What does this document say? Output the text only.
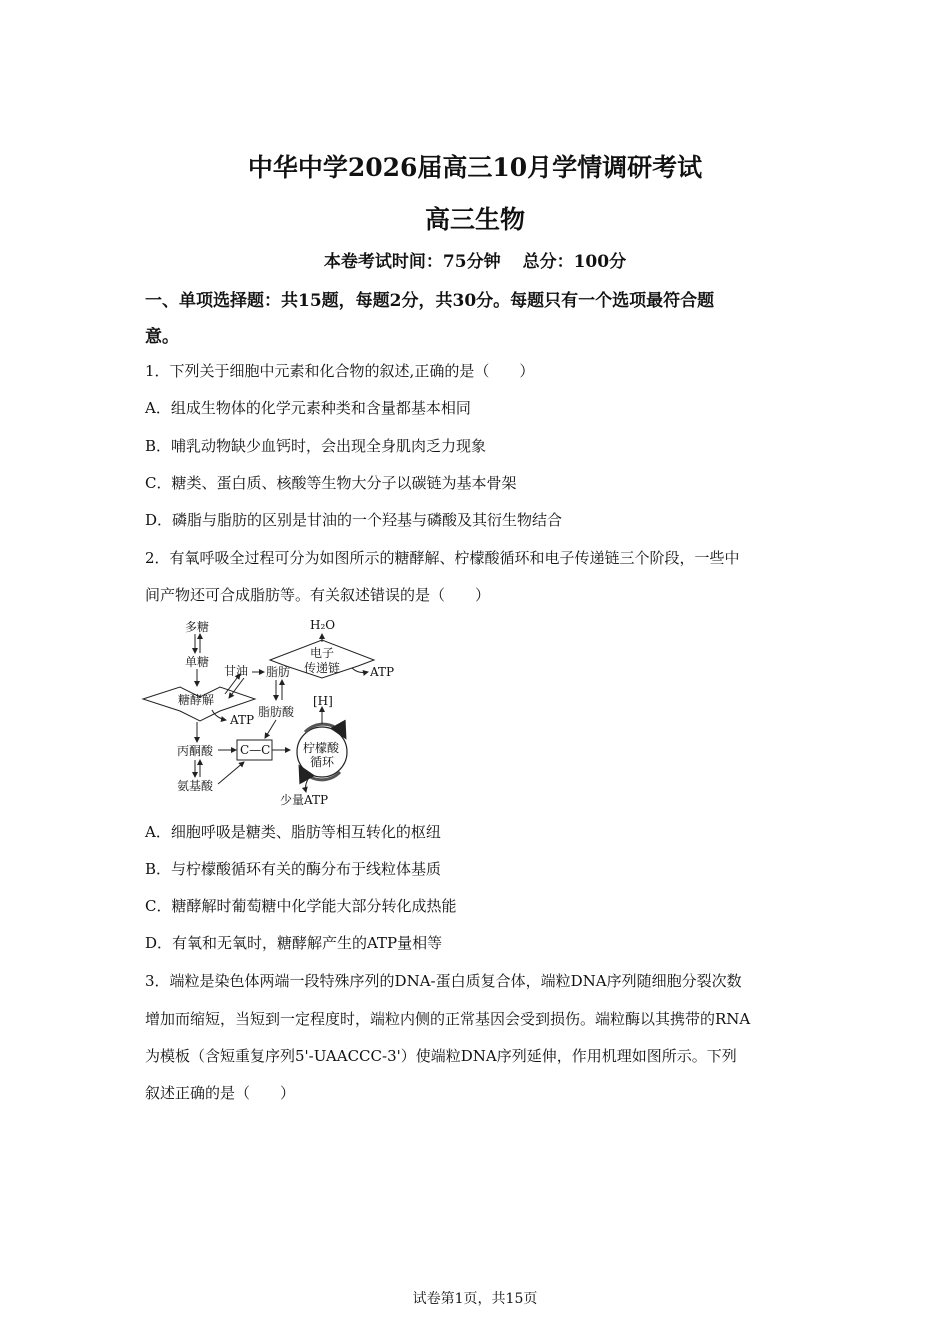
中华中学2026届高三10月学情调研考试
高三生物
本卷考试时间：75分钟 总分：100分
一、单项选择题：共15题，每题2分，共30分。每题只有一个选项最符合题
意。
1．下列关于细胞中元素和化合物的叙述,正确的是（　　）
A．组成生物体的化学元素种类和含量都基本相同
B．哺乳动物缺少血钙时，会出现全身肌肉乏力现象
C．糖类、蛋白质、核酸等生物大分子以碳链为基本骨架
D．磷脂与脂肪的区别是甘油的一个羟基与磷酸及其衍生物结合
2．有氧呼吸全过程可分为如图所示的糖酵解、柠檬酸循环和电子传递链三个阶段，一些中
间产物还可合成脂肪等。有关叙述错误的是（　　）
多糖
单糖
甘油 脂肪
糖酵解
ATP
脂肪酸
H₂O
电子
传递链 ATP
[H]
丙酮酸 C—C	柠檬酸
循环
氨基酸
少量ATP
A．细胞呼吸是糖类、脂肪等相互转化的枢纽
B．与柠檬酸循环有关的酶分布于线粒体基质
C．糖酵解时葡萄糖中化学能大部分转化成热能
D．有氧和无氧时，糖酵解产生的ATP量相等
3．端粒是染色体两端一段特殊序列的DNA-蛋白质复合体，端粒DNA序列随细胞分裂次数
增加而缩短，当短到一定程度时，端粒内侧的正常基因会受到损伤。端粒酶以其携带的RNA
为模板（含短重复序列5'-UAACCC-3'）使端粒DNA序列延伸，作用机理如图所示。下列
叙述正确的是（　　）
试卷第1页，共15页
